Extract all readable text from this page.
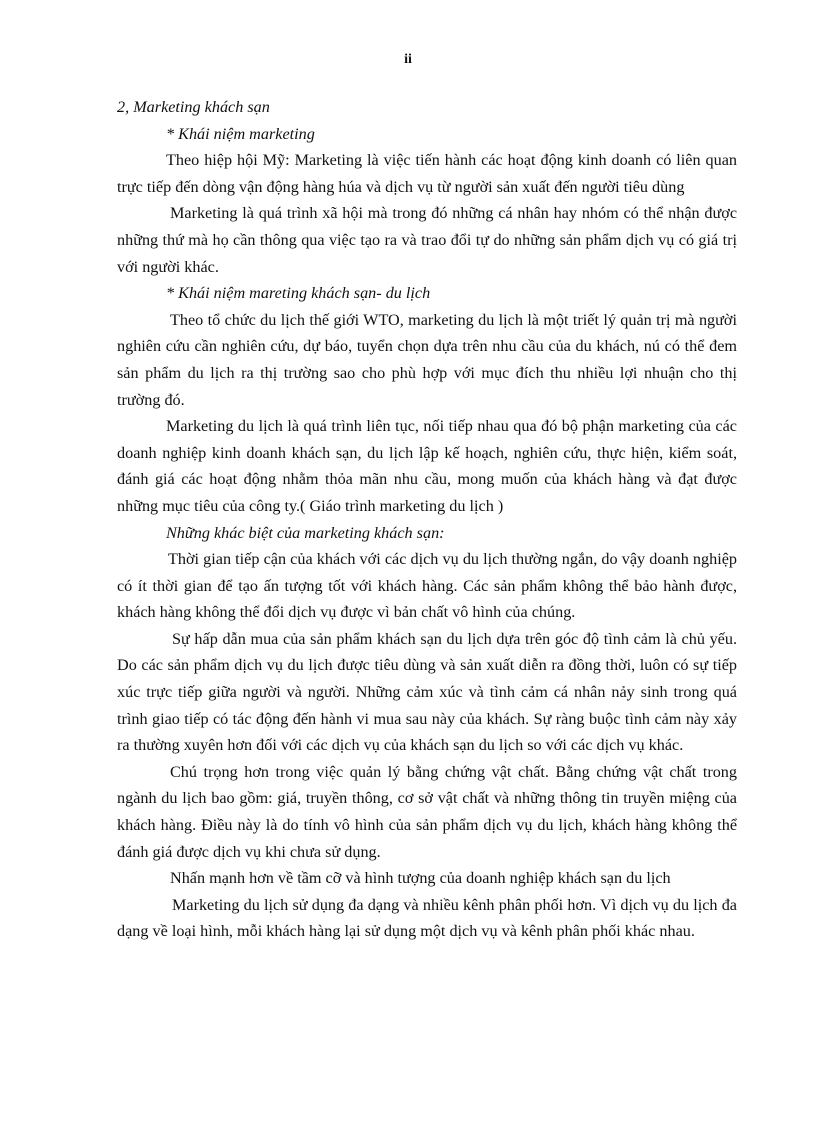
ii

2, Marketing khách sạn

* Khái niệm marketing

Theo hiệp hội Mỹ: Marketing là việc tiến hành các hoạt động kinh doanh có liên quan trực tiếp đến dòng vận động hàng húa và dịch vụ từ người sản xuất đến người tiêu dùng

Marketing là quá trình xã hội mà trong đó những cá nhân hay nhóm có thể nhận được những thứ mà họ cần thông qua việc tạo ra và trao đổi tự do những sản phẩm dịch vụ có giá trị với người khác.

* Khái niệm mareting khách sạn- du lịch

Theo tổ chức du lịch thế giới WTO, marketing du lịch là một triết lý quản trị mà người nghiên cứu cần nghiên cứu, dự báo, tuyển chọn dựa trên nhu cầu của du khách, nú có thể đem sản phẩm du lịch ra thị trường sao cho phù hợp với mục đích thu nhiều lợi nhuận cho thị trường đó.

Marketing du lịch là quá trình liên tục, nối tiếp nhau qua đó bộ phận marketing của các doanh nghiệp kinh doanh khách sạn, du lịch lập kế hoạch, nghiên cứu, thực hiện, kiểm soát, đánh giá các hoạt động nhằm thỏa mãn nhu cầu, mong muốn của khách hàng và đạt được những mục tiêu của công ty.( Giáo trình marketing du lịch )

Những khác biệt của marketing khách sạn:

Thời gian tiếp cận của khách với các dịch vụ du lịch thường ngắn, do vậy doanh nghiệp có ít thời gian để tạo ấn tượng tốt với khách hàng. Các sản phẩm không thể bảo hành được, khách hàng không thể đổi dịch vụ được vì bản chất vô hình của chúng.

Sự hấp dẫn mua của sản phẩm khách sạn du lịch dựa trên góc độ tình cảm là chủ yếu. Do các sản phẩm dịch vụ du lịch được tiêu dùng và sản xuất diễn ra đồng thời, luôn có sự tiếp xúc trực tiếp giữa người và người. Những cảm xúc và tình cảm cá nhân nảy sinh trong quá trình giao tiếp có tác động đến hành vi mua sau này của khách. Sự ràng buộc tình cảm này xảy ra thường xuyên hơn đối với các dịch vụ của khách sạn du lịch so với các dịch vụ khác.

Chú trọng hơn trong việc quản lý bằng chứng vật chất. Bằng chứng vật chất trong ngành du lịch bao gồm: giá, truyền thông, cơ sở vật chất và những thông tin truyền miệng của khách hàng. Điều này là do tính vô hình của sản phẩm dịch vụ du lịch, khách hàng không thể đánh giá được dịch vụ khi chưa sử dụng.

Nhấn mạnh hơn về tầm cỡ và hình tượng của doanh nghiệp khách sạn du lịch

Marketing du lịch sử dụng đa dạng và nhiều kênh phân phối hơn. Vì dịch vụ du lịch đa dạng về loại hình, mỗi khách hàng lại sử dụng một dịch vụ và kênh phân phối khác nhau.
